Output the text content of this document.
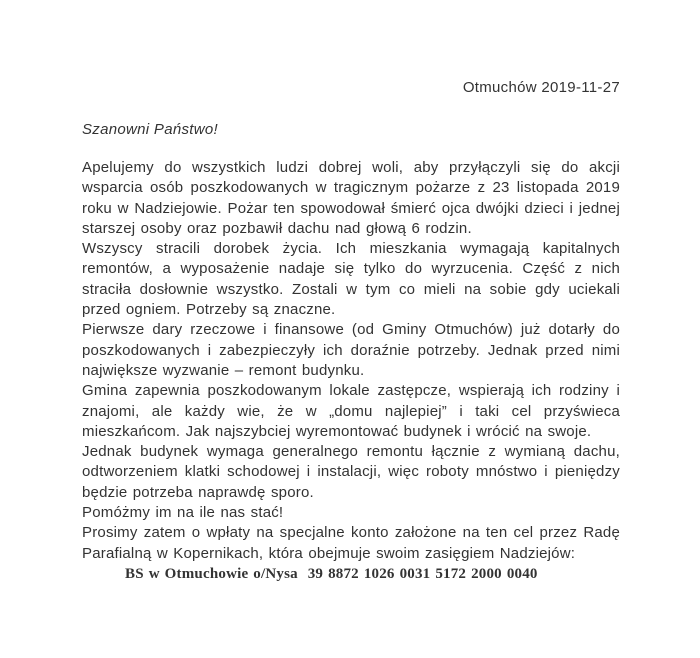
Otmuchów 2019-11-27
Szanowni Państwo!

Apelujemy do wszystkich ludzi dobrej woli, aby przyłączyli się do akcji wsparcia osób poszkodowanych w tragicznym pożarze z 23 listopada 2019 roku w Nadziejowie. Pożar ten spowodował śmierć ojca dwójki dzieci i jednej starszej osoby oraz pozbawił dachu nad głową 6 rodzin.

Wszyscy stracili dorobek życia. Ich mieszkania wymagają kapitalnych remontów, a wyposażenie nadaje się tylko do wyrzucenia. Część z nich straciła dosłownie wszystko. Zostali w tym co mieli na sobie gdy uciekali przed ogniem. Potrzeby są znaczne.

Pierwsze dary rzeczowe i finansowe (od Gminy Otmuchów) już dotarły do poszkodowanych i zabezpieczyły ich doraźnie potrzeby. Jednak przed nimi największe wyzwanie – remont budynku.

Gmina zapewnia poszkodowanym lokale zastępcze, wspierają ich rodziny i znajomi, ale każdy wie, że w „domu najlepiej” i taki cel przyświeca mieszkańcom. Jak najszybciej wyremontować budynek i wrócić na swoje.

Jednak budynek wymaga generalnego remontu łącznie z wymianą dachu, odtworzeniem klatki schodowej i instalacji, więc roboty mnóstwo i pieniędzy będzie potrzeba naprawdę sporo.

Pomóżmy im na ile nas stać!

Prosimy zatem o wpłaty na specjalne konto założone na ten cel przez Radę Parafialną w Kopernikach, która obejmuje swoim zasięgiem Nadziejów:

BS w Otmuchowie o/Nysa  39 8872 1026 0031 5172 2000 0040
